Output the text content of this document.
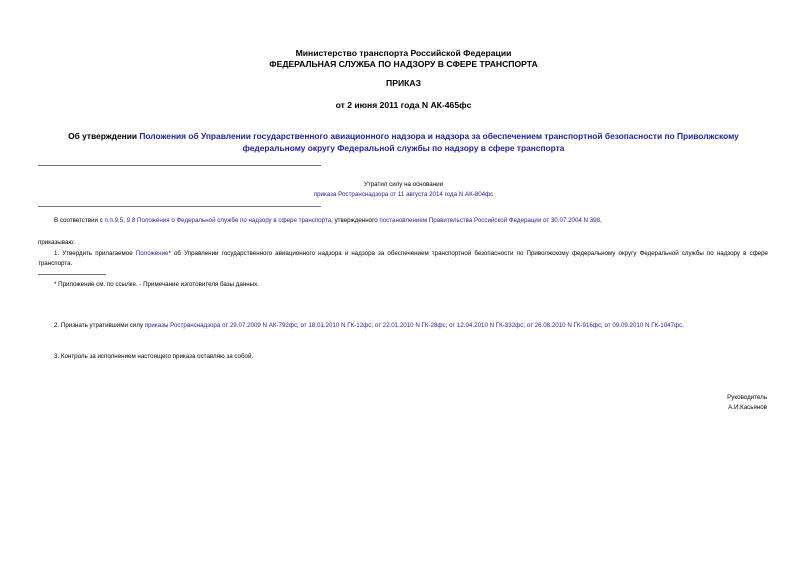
Министерство транспорта Российской Федерации
ФЕДЕРАЛЬНАЯ СЛУЖБА ПО НАДЗОРУ В СФЕРЕ ТРАНСПОРТА
ПРИКАЗ
от 2 июня 2011 года N АК-465фс
Об утверждении Положения об Управлении государственного авиационного надзора и надзора за обеспечением транспортной безопасности по Приволжскому федеральному округу Федеральной службы по надзору в сфере транспорта
Утратил силу на основании
приказа Ространснадзора от 11 августа 2014 года N АК-804фс
В соответствии с п.п.9.5, 9.8 Положения о Федеральной службе по надзору в сфере транспорта, утвержденного постановлением Правительства Российской Федерации от 30.07.2004 N 398,
приказываю:
1. Утвердить прилагаемое Положение* об Управлении государственного авиационного надзора и надзора за обеспечением транспортной безопасности по Приволжскому федеральному округу Федеральной службы по надзору в сфере транспорта.
* Приложение см. по ссылке. - Примечание изготовителя базы данных.
2. Признать утратившими силу приказы Ространснадзора от 29.07.2009 N АК-792фс; от 18.01.2010 N ГК-12фс; от 22.01.2010 N ГК-28фс; от 12.04.2010 N ГК-332фс; от 26.08.2010 N ГК-916фс; от 09.09.2010 N ГК-1047фс.
3. Контроль за исполнением настоящего приказа оставляю за собой.
Руководитель
А.И.Касьянов
